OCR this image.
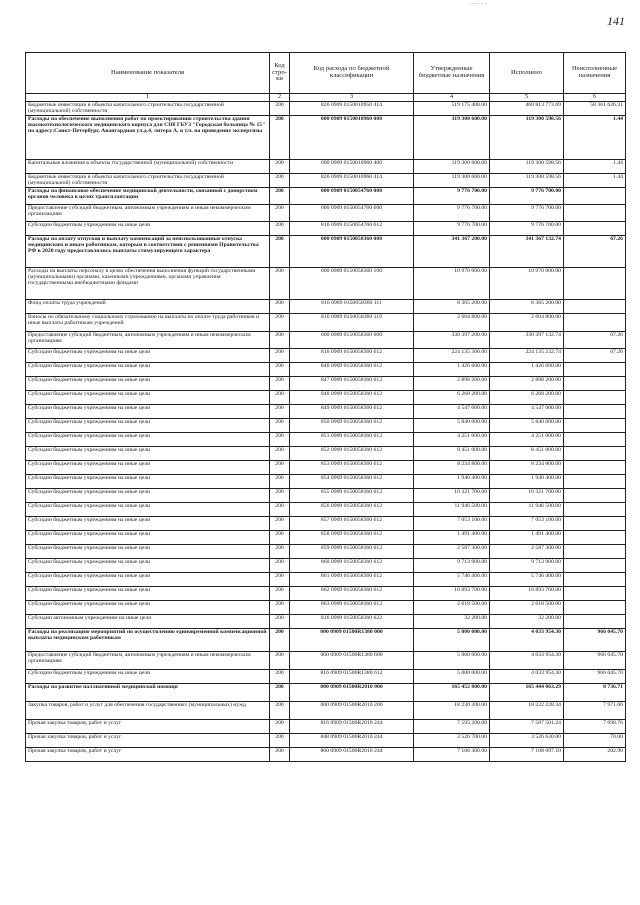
...... .. .
141
Наименование показателя	Код стро-ки	Код расхода по бюджетной классификации	Утвержденные бюджетные назначения	Исполнено	Неисполненные назначения
1	2	3	4	5	6
Бюджетные инвестиции в объекты капитального строительства государственной (муниципальной) собственности	200	826 0909 0150010950 414	519 175 400.00	460 813 773.69	58 361 626.31
Расходы на обеспечение выполнения работ по проектированию строительства здания высокотехнологического медицинского корпуса для СПб ГБУЗ "Городская больница № 15" по адресу:Санкт-Петербург, Авангардная ул.д.4, литера А, в т.ч. на проведение экспертизы	200	000 0909 0150010960 000	119 300 600.00	119 300 598.56	1.44
Капитальные вложения в объекты государственной (муниципальной) собственности	200	000 0909 0150010960 400	119 300 600.00	119 300 598.56	1.44
Бюджетные инвестиции в объекты капитального строительства государственной (муниципальной) собственности	200	826 0909 0150010960 414	119 300 600.00	119 300 598.56	1.44
Расходы на финансовое обеспечение медицинской деятельности, связанной с донорством органов человека в целях трансплантации	200	000 0909 0150054760 000	9 776 700.00	9 776 700.00	
Предоставление субсидий бюджетным, автономным учреждениям и иным некоммерческим организациям	200	000 0909 0150054760 600	9 776 700.00	9 776 700.00	
Субсидии бюджетным учреждениям на иные цели	200	816 0909 0150054760 612	9 776 700.00	9 776 700.00	
Расходы на оплату отпусков и выплату компенсаций за неиспользованные отпуска медицинским и иным работникам, которым в соответствии с решениями Правительства РФ в 2020 году предоставлялись выплаты стимулирующего характера	200	000 0909 0150058360 000	341 367 200.00	341 367 132.74	67.26
Расходы на выплаты персоналу в целях обеспечения выполнения функций государственными (муниципальными) органами, казенными учреждениями, органами управления государственными внебюджетными фондами	200	000 0909 0150058360 100	10 970 000.00	10 970 000.00	
Фонд оплаты труда учреждений	200	816 0909 0150058360 111	8 365 200.00	8 365 200.00	
Взносы по обязательному социальному страхованию на выплаты по оплате труда работников и иные выплаты работникам учреждений	200	816 0909 0150058360 119	2 604 800.00	2 604 800.00	
Предоставление субсидий бюджетным, автономным учреждениям и иным некоммерческим организациям	200	000 0909 0150058360 600	330 397 200.00	330 397 132.74	67.26
Субсидии бюджетным учреждениям на иные цели	200	816 0909 0150058360 612	224 135 300.00	224 135 232.74	67.26
Субсидии бюджетным учреждениям на иные цели	200	846 0909 0150058360 612	1 426 600.00	1 426 600.00	
Субсидии бюджетным учреждениям на иные цели	200	847 0909 0150058360 612	2 898 200.00	2 898 200.00	
Субсидии бюджетным учреждениям на иные цели	200	848 0909 0150058360 612	6 268 200.00	6 268 200.00	
Субсидии бюджетным учреждениям на иные цели	200	849 0909 0150058360 612	4 547 000.00	4 547 000.00	
Субсидии бюджетным учреждениям на иные цели	200	850 0909 0150058360 612	5 840 000.00	5 840 000.00	
Субсидии бюджетным учреждениям на иные цели	200	851 0909 0150058360 612	4 251 000.00	4 251 000.00	
Субсидии бюджетным учреждениям на иные цели	200	852 0909 0150058360 612	8 451 000.00	8 451 000.00	
Субсидии бюджетным учреждениям на иные цели	200	853 0909 0150058360 612	8 234 800.00	8 234 800.00	
Субсидии бюджетным учреждениям на иные цели	200	854 0909 0150058360 612	1 940 400.00	1 940 400.00	
Субсидии бюджетным учреждениям на иные цели	200	855 0909 0150058360 612	10 321 700.00	10 321 700.00	
Субсидии бюджетным учреждениям на иные цели	200	856 0909 0150058360 612	11 946 500.00	11 946 500.00	
Субсидии бюджетным учреждениям на иные цели	200	857 0909 0150058360 612	7 053 100.00	7 053 100.00	
Субсидии бюджетным учреждениям на иные цели	200	858 0909 0150058360 612	1 491 400.00	1 491 400.00	
Субсидии бюджетным учреждениям на иные цели	200	859 0909 0150058360 612	2 587 300.00	2 587 300.00	
Субсидии бюджетным учреждениям на иные цели	200	860 0909 0150058360 612	9 713 900.00	9 713 900.00	
Субсидии бюджетным учреждениям на иные цели	200	861 0909 0150058360 612	5 746 400.00	5 746 400.00	
Субсидии бюджетным учреждениям на иные цели	200	862 0909 0150058360 612	10 893 700.00	10 893 700.00	
Субсидии бюджетным учреждениям на иные цели	200	863 0909 0150058360 612	2 618 500.00	2 618 500.00	
Субсидии автономным учреждениям на иные цели	200	816 0909 0150058360 622	32 200.00	32 200.00	
Расходы на реализацию мероприятий по осуществлению единовременной компенсационной выплаты медицинским работникам	200	000 0909 01500R1380 000	5 000 000.00	4 033 954.30	966 045.70
Предоставление субсидий бюджетным, автономным учреждениям и иным некоммерческим организациям	200	000 0909 01500R1380 600	5 000 000.00	4 033 954.30	966 045.70
Субсидии бюджетным учреждениям на иные цели	200	816 0909 01500R1380 612	5 000 000.00	4 033 954.30	966 045.70
Расходы на развитие паллиативной медицинской помощи	200	000 0909 01500R2010 000	165 452 800.00	165 444 063.29	8 736.71
Закупка товаров, работ и услуг для обеспечения государственных (муниципальных) нужд	200	000 0909 01500R2010 200	18 230 200.00	18 222 228.34	7 971.66
Прочая закупка товаров, работ и услуг	200	816 0909 01500R2010 244	7 595 200.00	7 587 501.24	7 698.76
Прочая закупка товаров, работ и услуг	200	848 0909 01500R2010 244	3 526 700.00	3 526 630.00	70.00
Прочая закупка товаров, работ и услуг	200	860 0909 01500R2010 244	7 108 300.00	7 108 097.10	202.90
